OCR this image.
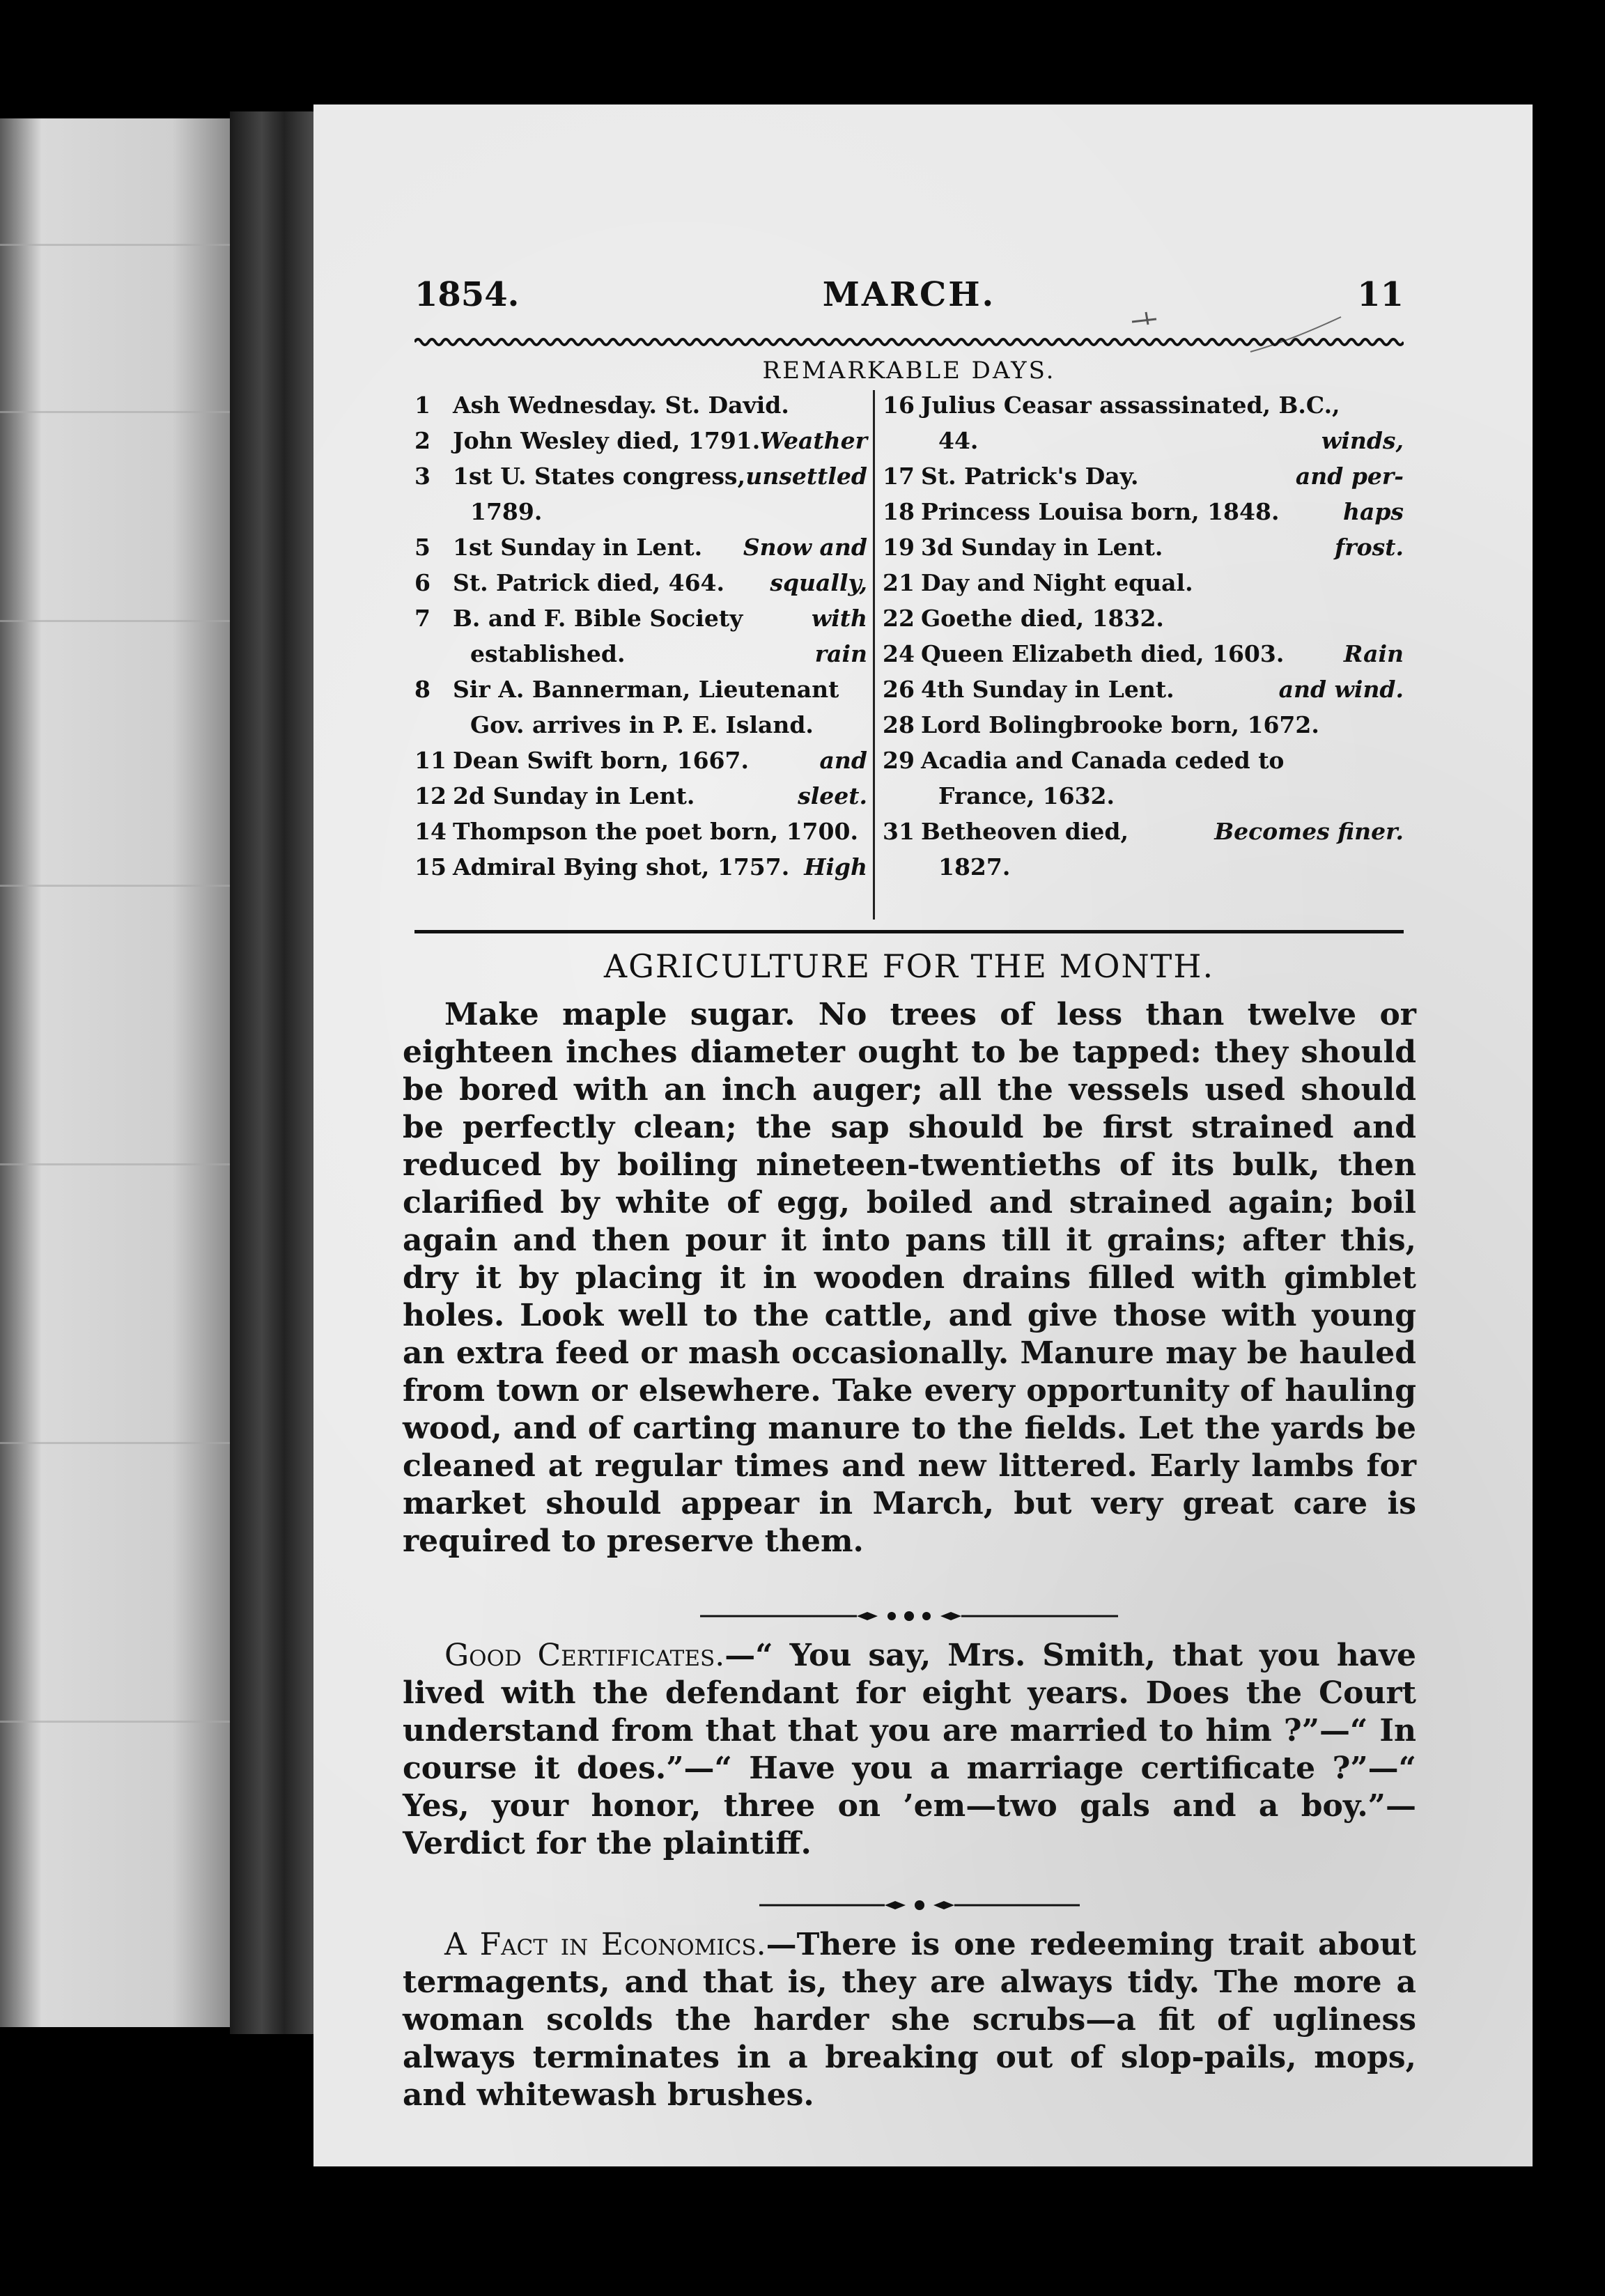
1854.	MARCH.	11
REMARKABLE DAYS.
1 Ash Wednesday. St. David.
2 John Wesley died, 1791. Weather
3 1st U. States congress, unsettled
1789.
5 1st Sunday in Lent. Snow and
6 St. Patrick died, 464. squally,
7 B. and F. Bible Society	with
established.	rain
8 Sir A. Bannerman, Lieutenant
Gov. arrives in P. E. Island.
11 Dean Swift born, 1667.	and
12 2d Sunday in Lent.	sleet.
14 Thompson the poet born, 1700.
15 Admiral Bying shot, 1757. High
16 Julius Ceasar assassinated, B.C.,
44.	winds,
17 St. Patrick's Day.	and per-
18 Princess Louisa born, 1848.	haps
19 3d Sunday in Lent.	frost.
21 Day and Night equal.
22 Goethe died, 1832.
24 Queen Elizabeth died, 1603.	Rain
26 4th Sunday in Lent.	and wind.
28 Lord Bolingbrooke born, 1672.
29 Acadia and Canada ceded to
France, 1632.
31 Betheoven died,	Becomes finer.
1827.
AGRICULTURE FOR THE MONTH.
Make maple sugar. No trees of less than twelve or eighteen inches diameter ought to be tapped: they should be bored with an inch auger; all the vessels used should be perfectly clean; the sap should be first strained and reduced by boiling nineteen-twentieths of its bulk, then clarified by white of egg, boiled and strained again; boil again and then pour it into pans till it grains; after this, dry it by placing it in wooden drains filled with gimblet holes. Look well to the cattle, and give those with young an extra feed or mash occasionally. Manure may be hauled from town or elsewhere. Take every opportunity of hauling wood, and of carting manure to the fields. Let the yards be cleaned at regular times and new littered. Early lambs for market should appear in March, but very great care is required to preserve them.
Good Certificates.—“ You say, Mrs. Smith, that you have lived with the defendant for eight years. Does the Court understand from that that you are married to him ?”—“ In course it does.”—“ Have you a marriage certificate ?”—“ Yes, your honor, three on ’em—two gals and a boy.”—Verdict for the plaintiff.
A Fact in Economics.—There is one redeeming trait about termagents, and that is, they are always tidy. The more a woman scolds the harder she scrubs—a fit of ugliness always terminates in a breaking out of slop-pails, mops, and whitewash brushes.
